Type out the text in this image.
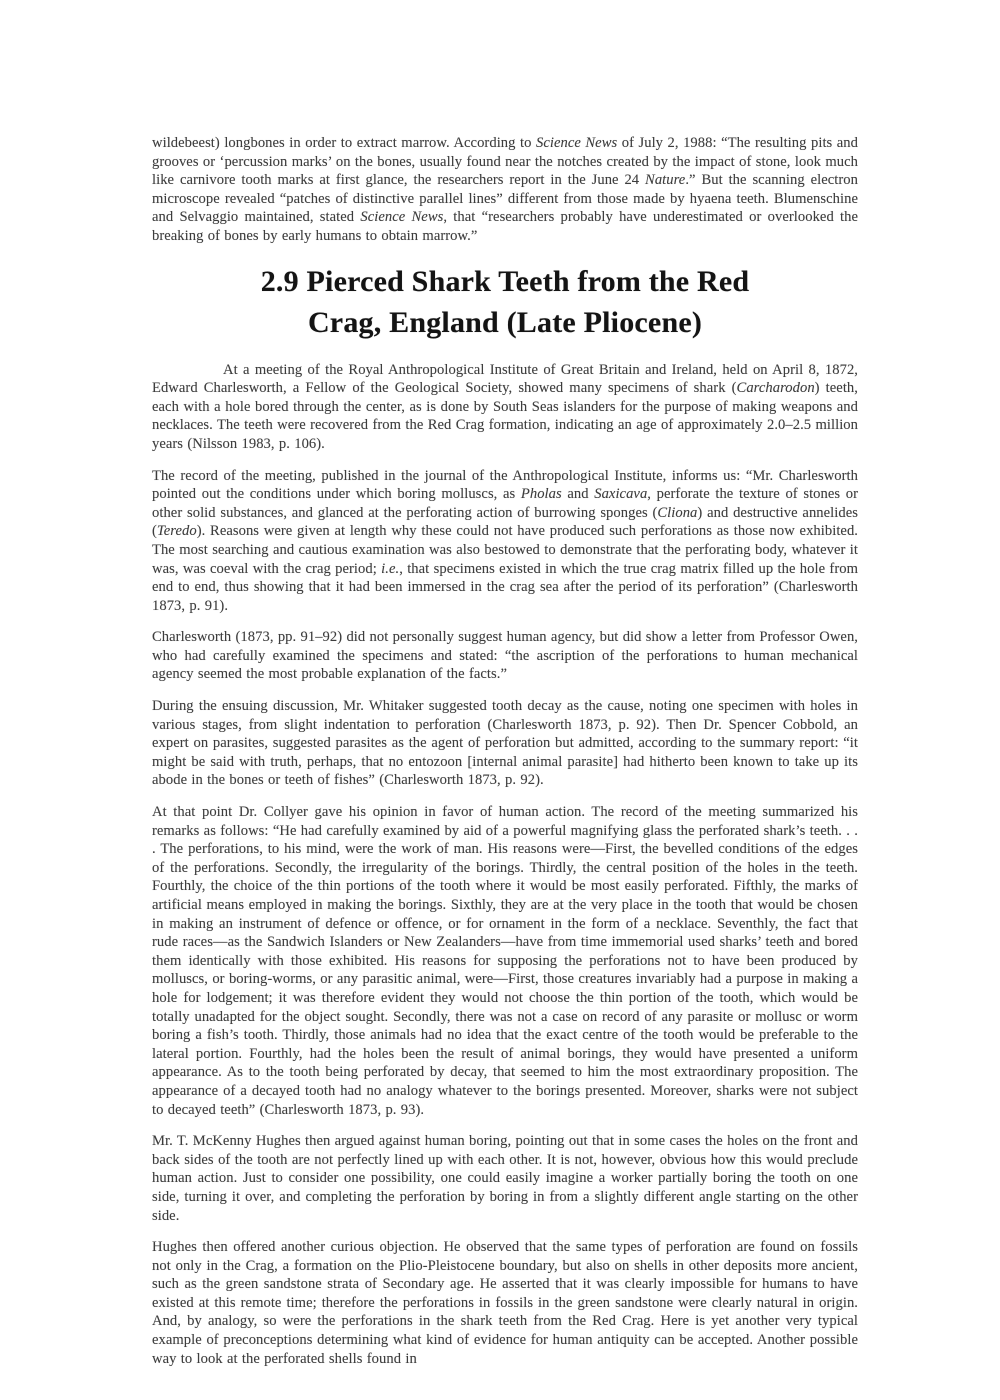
wildebeest) longbones in order to extract marrow. According to Science News of July 2, 1988: “The resulting pits and grooves or ‘percussion marks’ on the bones, usually found near the notches created by the impact of stone, look much like carnivore tooth marks at first glance, the researchers report in the June 24 Nature.” But the scanning electron microscope revealed “patches of distinctive parallel lines” different from those made by hyaena teeth. Blumenschine and Selvaggio maintained, stated Science News, that “researchers probably have underestimated or overlooked the breaking of bones by early humans to obtain marrow.”

2.9 Pierced Shark Teeth from the Red
Crag, England (Late Pliocene)

At a meeting of the Royal Anthropological Institute of Great Britain and Ireland, held on April 8, 1872, Edward Charlesworth, a Fellow of the Geological Society, showed many specimens of shark (Carcharodon) teeth, each with a hole bored through the center, as is done by South Seas islanders for the purpose of making weapons and necklaces. The teeth were recovered from the Red Crag formation, indicating an age of approximately 2.0–2.5 million years (Nilsson 1983, p. 106).

The record of the meeting, published in the journal of the Anthropological Institute, informs us: “Mr. Charlesworth pointed out the conditions under which boring molluscs, as Pholas and Saxicava, perforate the texture of stones or other solid substances, and glanced at the perforating action of burrowing sponges (Cliona) and destructive annelides (Teredo). Reasons were given at length why these could not have produced such perforations as those now exhibited. The most searching and cautious examination was also bestowed to demonstrate that the perforating body, whatever it was, was coeval with the crag period; i.e., that specimens existed in which the true crag matrix filled up the hole from end to end, thus showing that it had been immersed in the crag sea after the period of its perforation” (Charlesworth 1873, p. 91).

Charlesworth (1873, pp. 91–92) did not personally suggest human agency, but did show a letter from Professor Owen, who had carefully examined the specimens and stated: “the ascription of the perforations to human mechanical agency seemed the most probable explanation of the facts.”

During the ensuing discussion, Mr. Whitaker suggested tooth decay as the cause, noting one specimen with holes in various stages, from slight indentation to perforation (Charlesworth 1873, p. 92). Then Dr. Spencer Cobbold, an expert on parasites, suggested parasites as the agent of perforation but admitted, according to the summary report: “it might be said with truth, perhaps, that no entozoon [internal animal parasite] had hitherto been known to take up its abode in the bones or teeth of fishes” (Charlesworth 1873, p. 92).

At that point Dr. Collyer gave his opinion in favor of human action. The record of the meeting summarized his remarks as follows: “He had carefully examined by aid of a powerful magnifying glass the perforated shark’s teeth. . . . The perforations, to his mind, were the work of man. His reasons were—First, the bevelled conditions of the edges of the perforations. Secondly, the irregularity of the borings. Thirdly, the central position of the holes in the teeth. Fourthly, the choice of the thin portions of the tooth where it would be most easily perforated. Fifthly, the marks of artificial means employed in making the borings. Sixthly, they are at the very place in the tooth that would be chosen in making an instrument of defence or offence, or for ornament in the form of a necklace. Seventhly, the fact that rude races—as the Sandwich Islanders or New Zealanders—have from time immemorial used sharks’ teeth and bored them identically with those exhibited. His reasons for supposing the perforations not to have been produced by molluscs, or boring-worms, or any parasitic animal, were—First, those creatures invariably had a purpose in making a hole for lodgement; it was therefore evident they would not choose the thin portion of the tooth, which would be totally unadapted for the object sought. Secondly, there was not a case on record of any parasite or mollusc or worm boring a fish’s tooth. Thirdly, those animals had no idea that the exact centre of the tooth would be preferable to the lateral portion. Fourthly, had the holes been the result of animal borings, they would have presented a uniform appearance. As to the tooth being perforated by decay, that seemed to him the most extraordinary proposition. The appearance of a decayed tooth had no analogy whatever to the borings presented. Moreover, sharks were not subject to decayed teeth” (Charlesworth 1873, p. 93).

Mr. T. McKenny Hughes then argued against human boring, pointing out that in some cases the holes on the front and back sides of the tooth are not perfectly lined up with each other. It is not, however, obvious how this would preclude human action. Just to consider one possibility, one could easily imagine a worker partially boring the tooth on one side, turning it over, and completing the perforation by boring in from a slightly different angle starting on the other side.

Hughes then offered another curious objection. He observed that the same types of perforation are found on fossils not only in the Crag, a formation on the Plio-Pleistocene boundary, but also on shells in other deposits more ancient, such as the green sandstone strata of Secondary age. He asserted that it was clearly impossible for humans to have existed at this remote time; therefore the perforations in fossils in the green sandstone were clearly natural in origin. And, by analogy, so were the perforations in the shark teeth from the Red Crag. Here is yet another very typical example of preconceptions determining what kind of evidence for human antiquity can be accepted. Another possible way to look at the perforated shells found in
